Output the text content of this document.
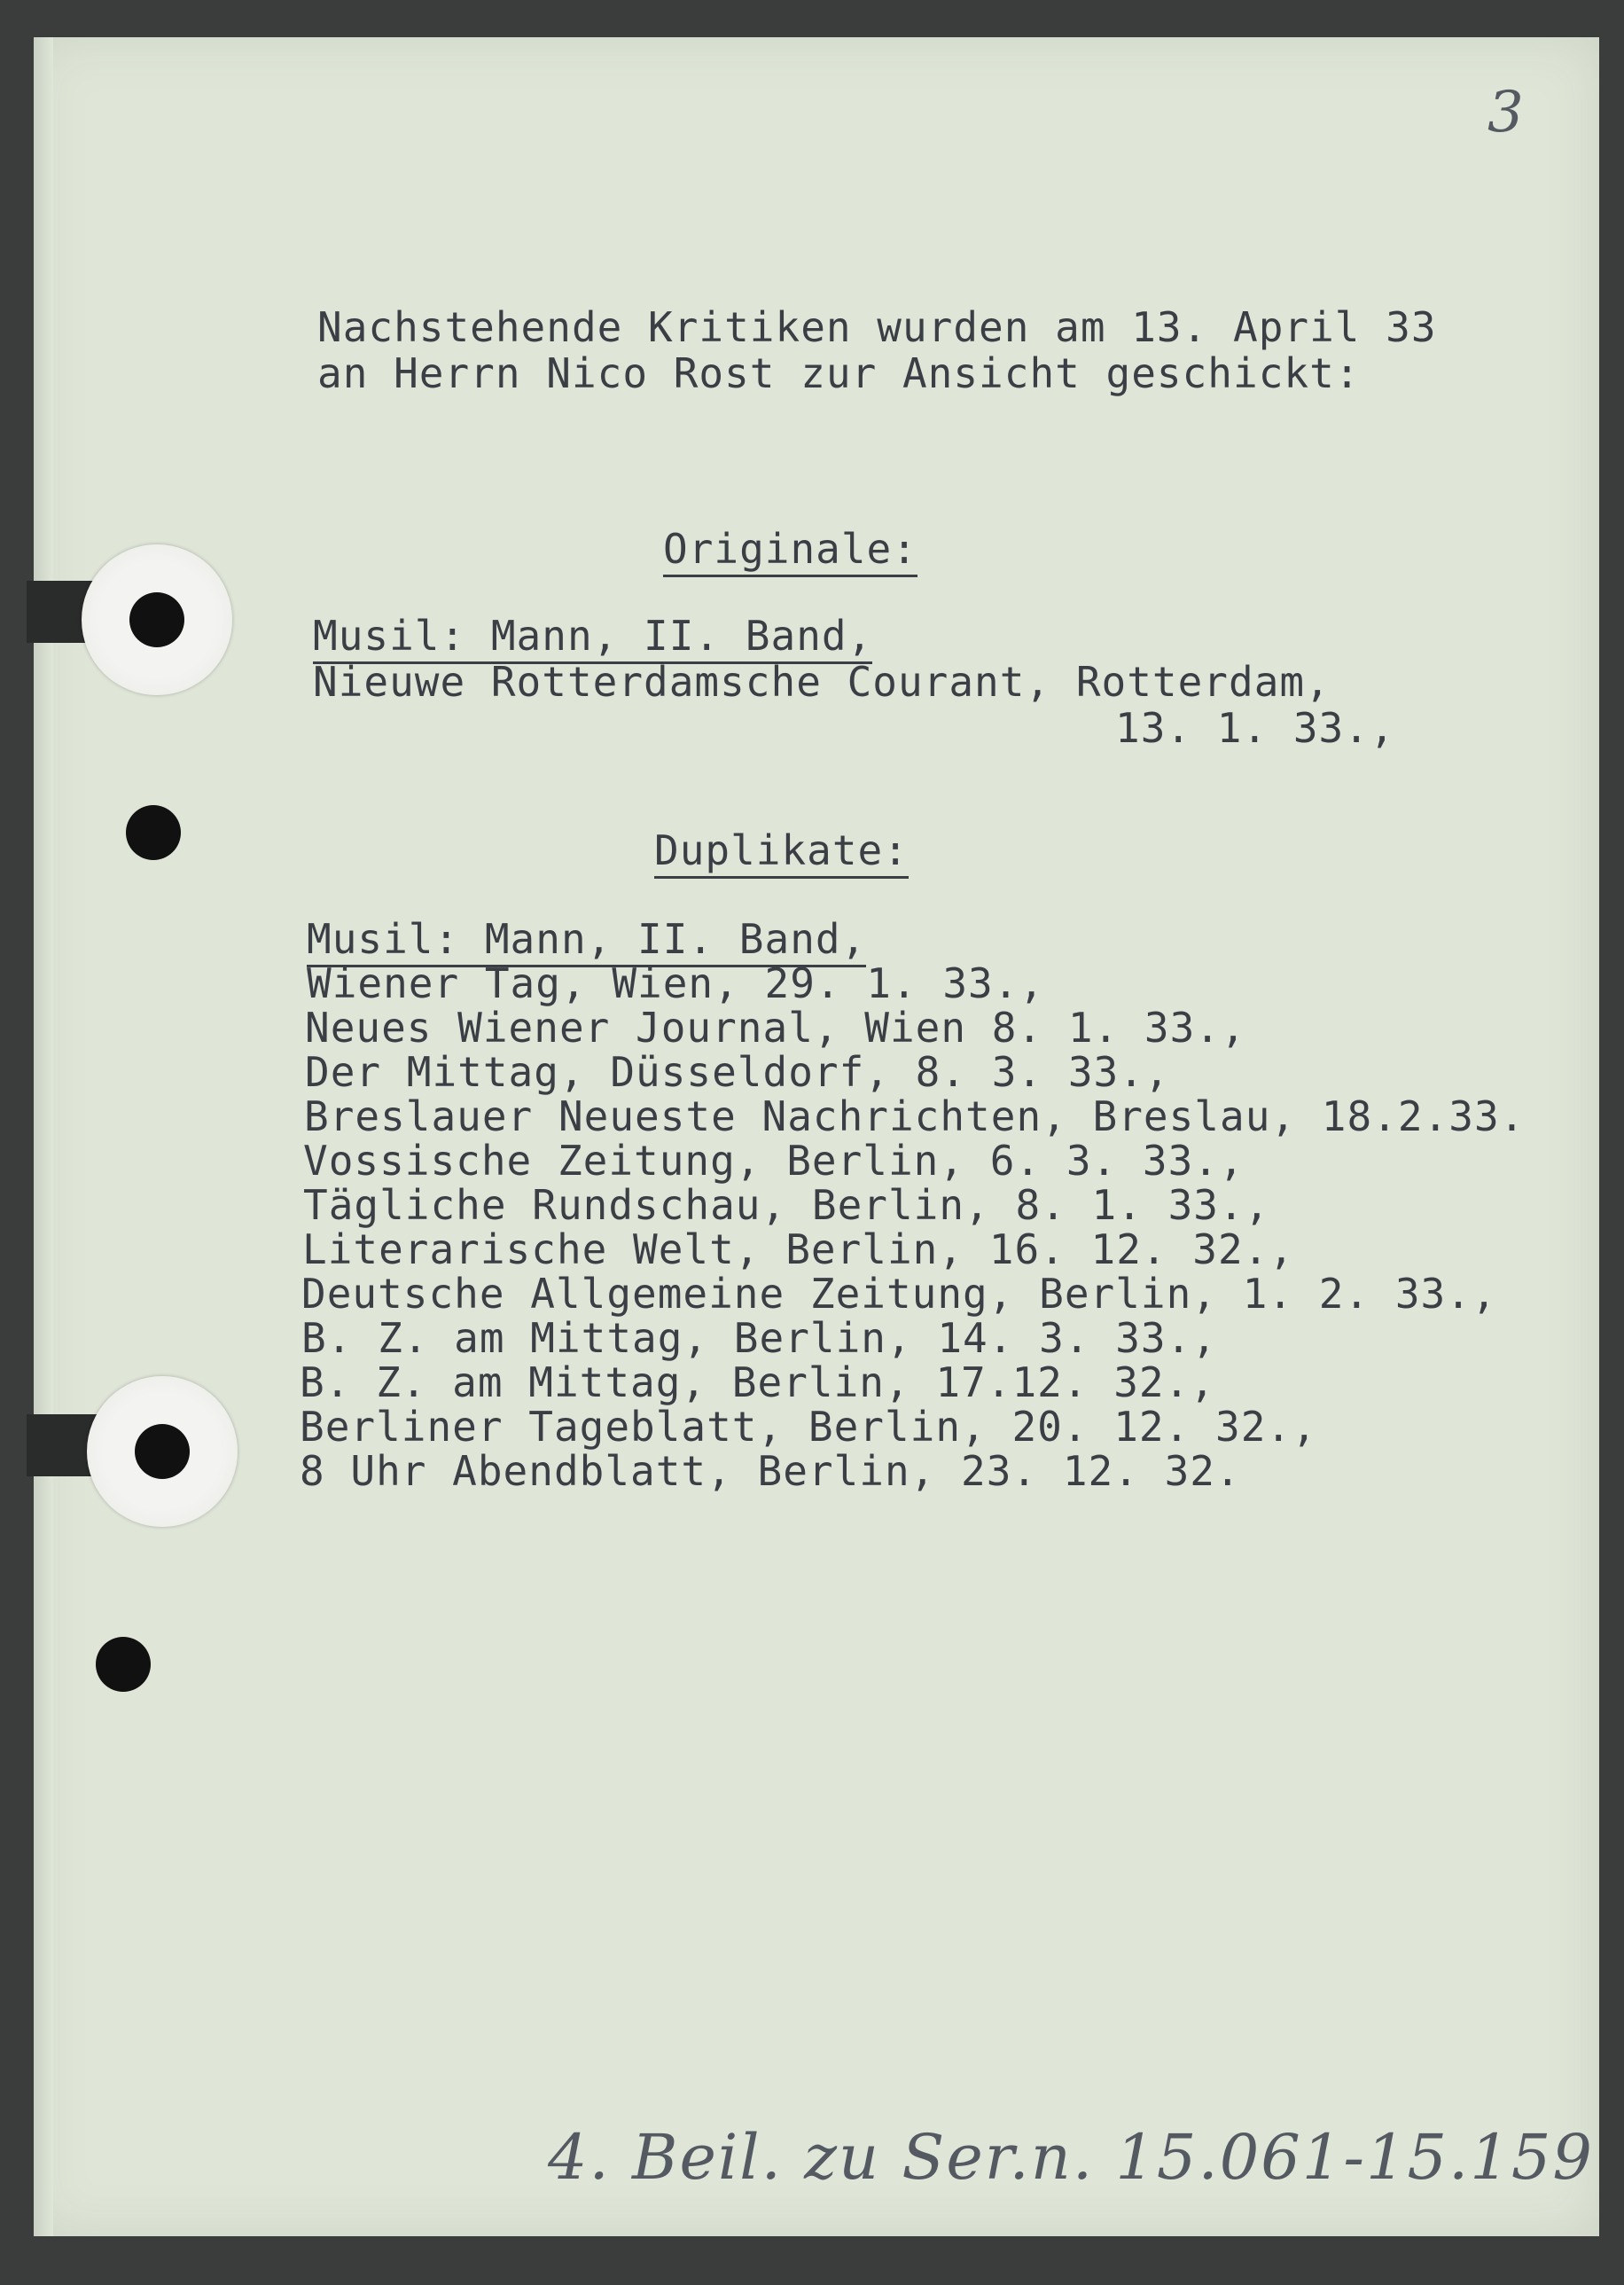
3
Nachstehende Kritiken wurden am 13. April 33
an Herrn Nico Rost zur Ansicht geschickt:
Originale:
Musil: Mann, II. Band,
Nieuwe Rotterdamsche Courant, Rotterdam,
13. 1. 33.,
Duplikate:
Musil: Mann, II. Band,
Wiener Tag, Wien, 29. 1. 33.,
Neues Wiener Journal, Wien 8. 1. 33.,
Der Mittag, Düsseldorf, 8. 3. 33.,
Breslauer Neueste Nachrichten, Breslau, 18.2.33.
Vossische Zeitung, Berlin, 6. 3. 33.,
Tägliche Rundschau, Berlin, 8. 1. 33.,
Literarische Welt, Berlin, 16. 12. 32.,
Deutsche Allgemeine Zeitung, Berlin, 1. 2. 33.,
B. Z. am Mittag, Berlin, 14. 3. 33.,
B. Z. am Mittag, Berlin, 17.12. 32.,
Berliner Tageblatt, Berlin, 20. 12. 32.,
8 Uhr Abendblatt, Berlin, 23. 12. 32.
4. Beil. zu Ser.n. 15.061-15.159
